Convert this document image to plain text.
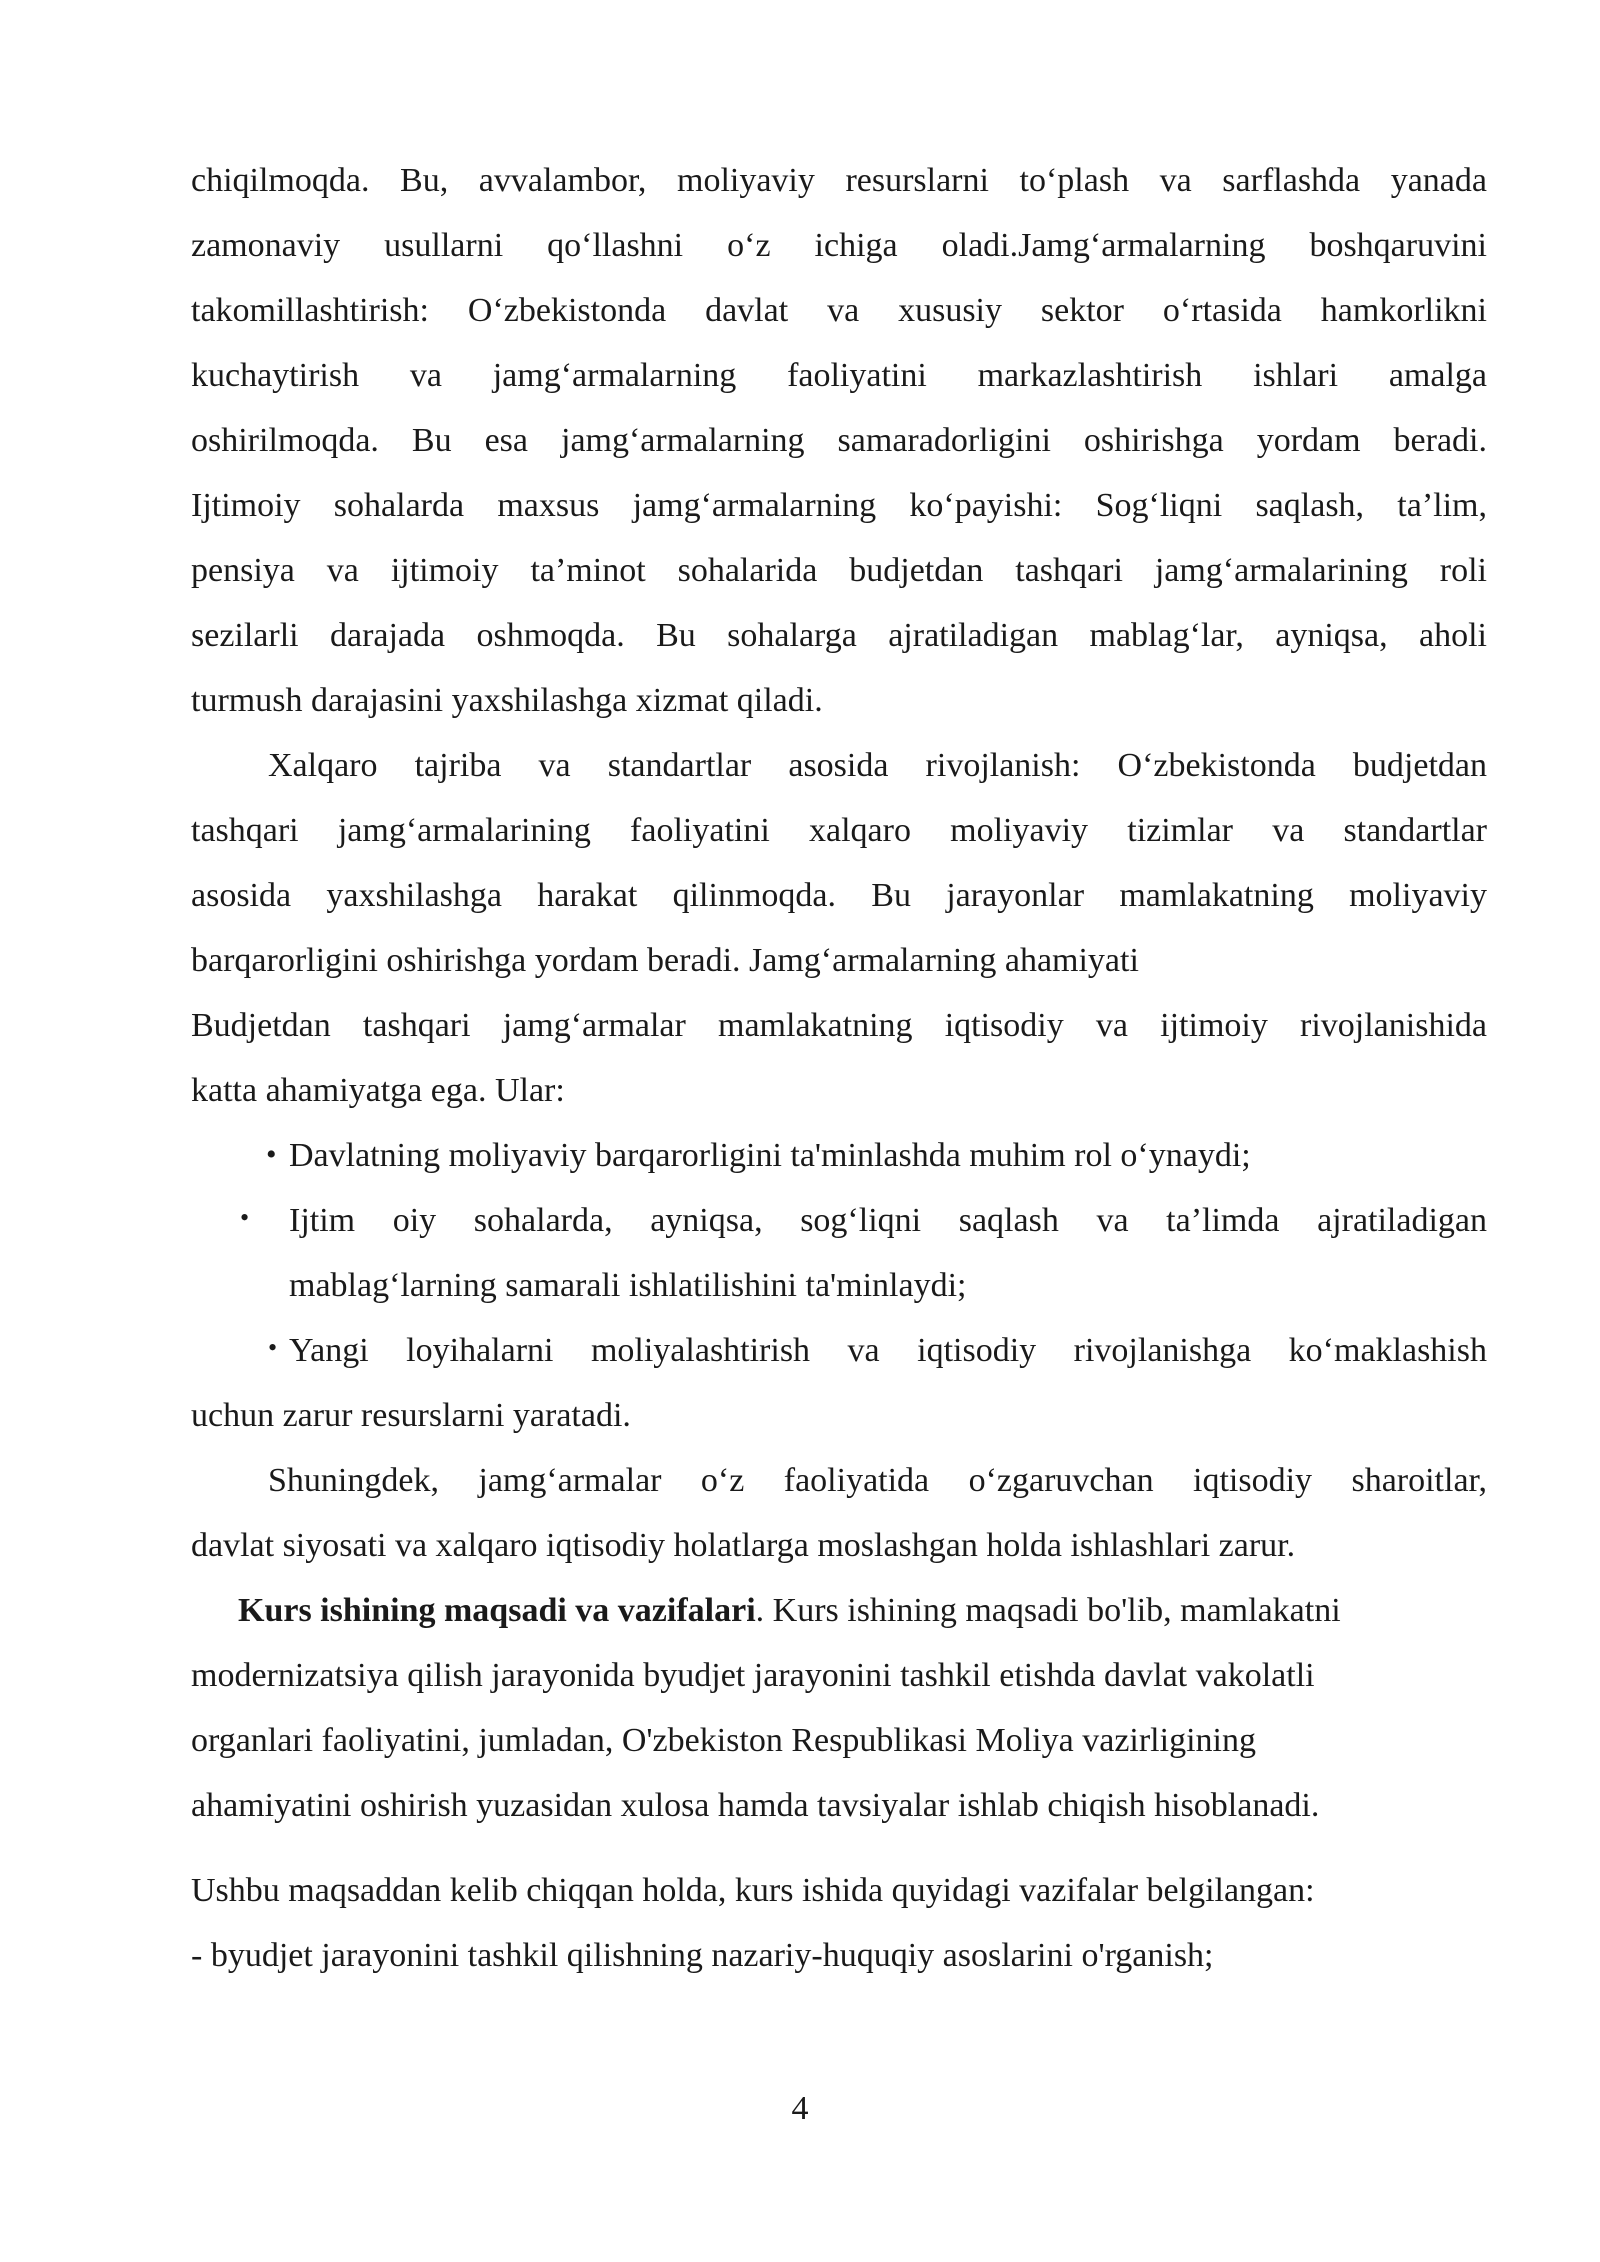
chiqilmoqda. Bu, avvalambor, moliyaviy resurslarni to‘plash va sarflashda yanada
zamonaviy usullarni qo‘llashni o‘z ichiga oladi.Jamg‘armalarning boshqaruvini
takomillashtirish: O‘zbekistonda davlat va xususiy sektor o‘rtasida hamkorlikni
kuchaytirish va jamg‘armalarning faoliyatini markazlashtirish ishlari amalga
oshirilmoqda. Bu esa jamg‘armalarning samaradorligini oshirishga yordam beradi.
Ijtimoiy sohalarda maxsus jamg‘armalarning ko‘payishi: Sog‘liqni saqlash, ta’lim,
pensiya va ijtimoiy ta’minot sohalarida budjetdan tashqari jamg‘armalarining roli
sezilarli darajada oshmoqda. Bu sohalarga ajratiladigan mablag‘lar, ayniqsa, aholi
turmush darajasini yaxshilashga xizmat qiladi.
Xalqaro tajriba va standartlar asosida rivojlanish: O‘zbekistonda budjetdan
tashqari jamg‘armalarining faoliyatini xalqaro moliyaviy tizimlar va standartlar
asosida yaxshilashga harakat qilinmoqda. Bu jarayonlar mamlakatning moliyaviy
barqarorligini oshirishga yordam beradi. Jamg‘armalarning ahamiyati
Budjetdan tashqari jamg‘armalar mamlakatning iqtisodiy va ijtimoiy rivojlanishida
katta ahamiyatga ega. Ular:
• Davlatning moliyaviy barqarorligini ta'minlashda muhim rol o‘ynaydi;
• Ijtim oiy sohalarda, ayniqsa, sog‘liqni saqlash va ta’limda ajratiladigan
mablag‘larning samarali ishlatilishini ta'minlaydi;
• Yangi loyihalarni moliyalashtirish va iqtisodiy rivojlanishga ko‘maklashish
uchun zarur resurslarni yaratadi.
Shuningdek, jamg‘armalar o‘z faoliyatida o‘zgaruvchan iqtisodiy sharoitlar,
davlat siyosati va xalqaro iqtisodiy holatlarga moslashgan holda ishlashlari zarur.
Kurs ishining maqsadi va vazifalari. Kurs ishining maqsadi bo'lib, mamlakatni
modernizatsiya qilish jarayonida byudjet jarayonini tashkil etishda davlat vakolatli
organlari faoliyatini, jumladan, O'zbekiston Respublikasi Moliya vazirligining
ahamiyatini oshirish yuzasidan xulosa hamda tavsiyalar ishlab chiqish hisoblanadi.
Ushbu maqsaddan kelib chiqqan holda, kurs ishida quyidagi vazifalar belgilangan:
- byudjet jarayonini tashkil qilishning nazariy-huquqiy asoslarini o'rganish;
4
